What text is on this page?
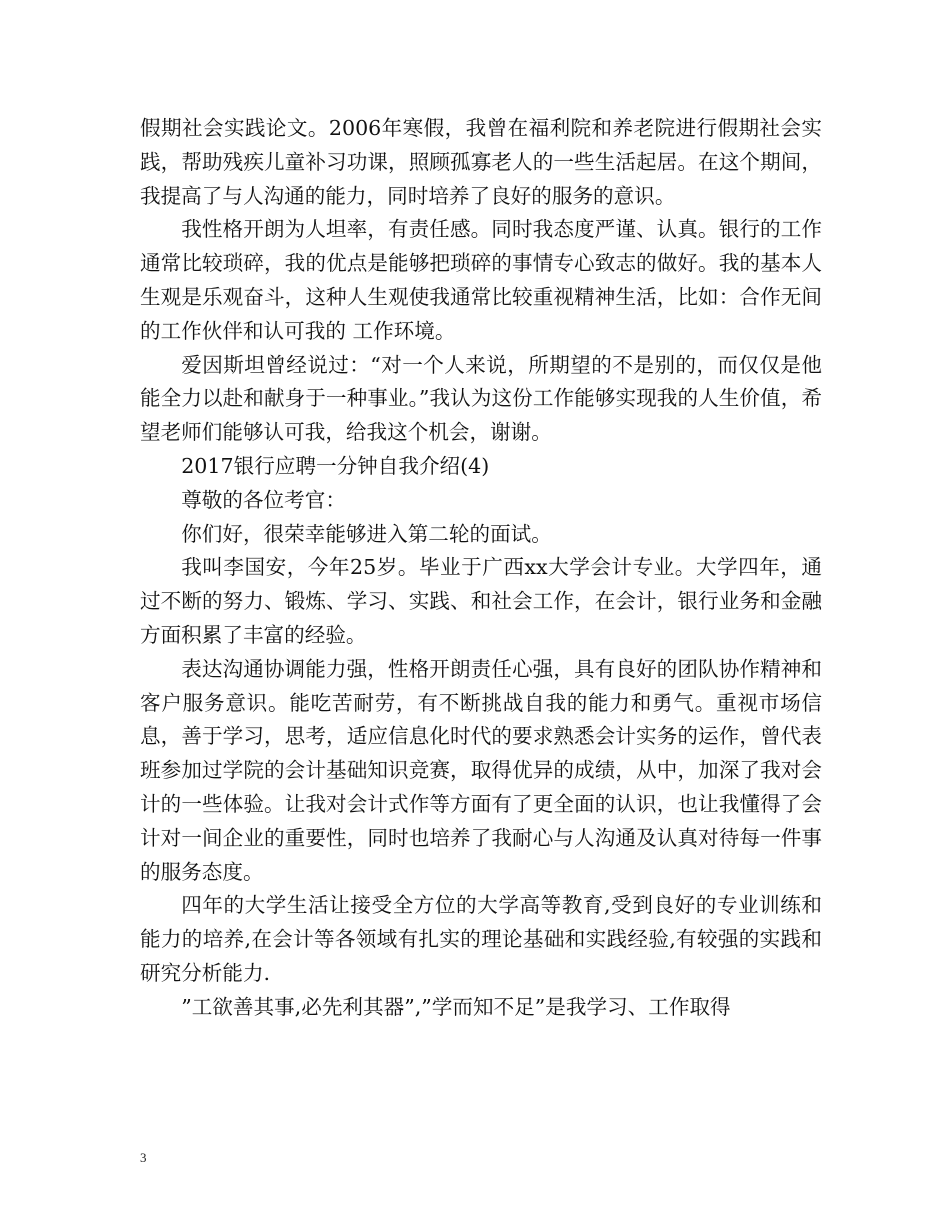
假期社会实践论文。2006年寒假，我曾在福利院和养老院进行假期社会实践，帮助残疾儿童补习功课，照顾孤寡老人的一些生活起居。在这个期间，我提高了与人沟通的能力，同时培养了良好的服务的意识。

我性格开朗为人坦率，有责任感。同时我态度严谨、认真。银行的工作通常比较琐碎，我的优点是能够把琐碎的事情专心致志的做好。我的基本人生观是乐观奋斗，这种人生观使我通常比较重视精神生活，比如：合作无间的工作伙伴和认可我的 工作环境。

爱因斯坦曾经说过：“对一个人来说，所期望的不是别的，而仅仅是他能全力以赴和献身于一种事业。”我认为这份工作能够实现我的人生价值，希望老师们能够认可我，给我这个机会，谢谢。

2017银行应聘一分钟自我介绍(4)

尊敬的各位考官：

你们好，很荣幸能够进入第二轮的面试。

我叫李国安，今年25岁。毕业于广西xx大学会计专业。大学四年，通过不断的努力、锻炼、学习、实践、和社会工作，在会计，银行业务和金融方面积累了丰富的经验。

表达沟通协调能力强，性格开朗责任心强，具有良好的团队协作精神和客户服务意识。能吃苦耐劳，有不断挑战自我的能力和勇气。重视市场信息，善于学习，思考，适应信息化时代的要求熟悉会计实务的运作，曾代表班参加过学院的会计基础知识竞赛，取得优异的成绩，从中，加深了我对会计的一些体验。让我对会计式作等方面有了更全面的认识，也让我懂得了会计对一间企业的重要性，同时也培养了我耐心与人沟通及认真对待每一件事的服务态度。

四年的大学生活让接受全方位的大学高等教育,受到良好的专业训练和能力的培养,在会计等各领域有扎实的理论基础和实践经验,有较强的实践和研究分析能力.

”工欲善其事,必先利其器”,”学而知不足”是我学习、工作取得

3
